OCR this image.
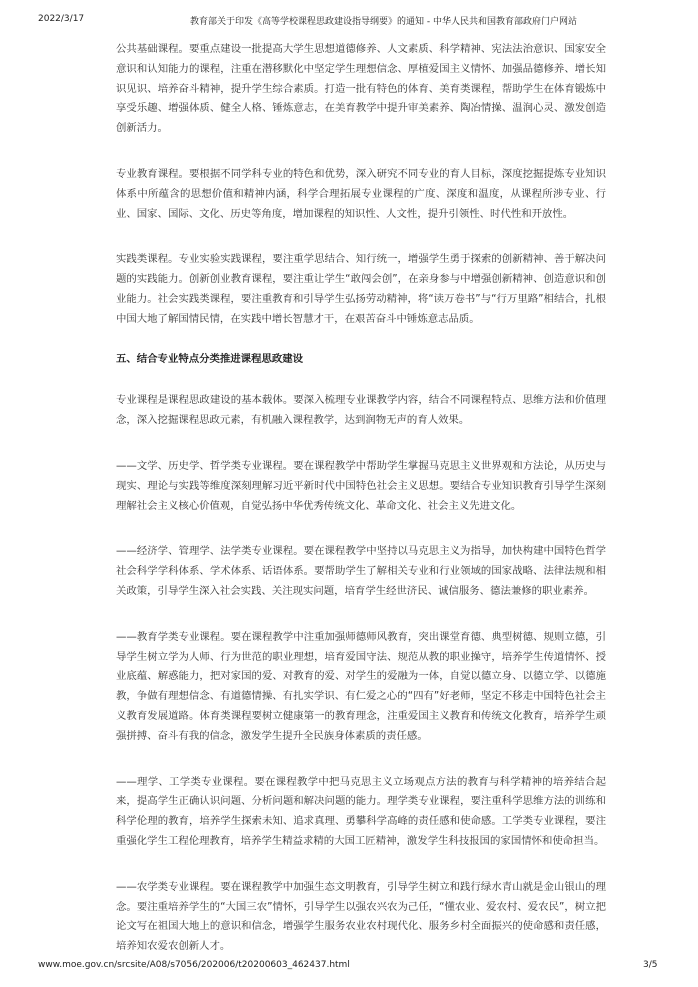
2022/3/17	教育部关于印发《高等学校课程思政建设指导纲要》的通知 - 中华人民共和国教育部政府门户网站

公共基础课程。要重点建设一批提高大学生思想道德修养、人文素质、科学精神、宪法法治意识、国家安全意识和认知能力的课程，注重在潜移默化中坚定学生理想信念、厚植爱国主义情怀、加强品德修养、增长知识见识、培养奋斗精神，提升学生综合素质。打造一批有特色的体育、美育类课程，帮助学生在体育锻炼中享受乐趣、增强体质、健全人格、锤炼意志，在美育教学中提升审美素养、陶冶情操、温润心灵、激发创造创新活力。

专业教育课程。要根据不同学科专业的特色和优势，深入研究不同专业的育人目标，深度挖掘提炼专业知识体系中所蕴含的思想价值和精神内涵，科学合理拓展专业课程的广度、深度和温度，从课程所涉专业、行业、国家、国际、文化、历史等角度，增加课程的知识性、人文性，提升引领性、时代性和开放性。

实践类课程。专业实验实践课程，要注重学思结合、知行统一，增强学生勇于探索的创新精神、善于解决问题的实践能力。创新创业教育课程，要注重让学生“敢闯会创”，在亲身参与中增强创新精神、创造意识和创业能力。社会实践类课程，要注重教育和引导学生弘扬劳动精神，将“读万卷书”与“行万里路”相结合，扎根中国大地了解国情民情，在实践中增长智慧才干，在艰苦奋斗中锤炼意志品质。

五、结合专业特点分类推进课程思政建设

专业课程是课程思政建设的基本载体。要深入梳理专业课教学内容，结合不同课程特点、思维方法和价值理念，深入挖掘课程思政元素，有机融入课程教学，达到润物无声的育人效果。

——文学、历史学、哲学类专业课程。要在课程教学中帮助学生掌握马克思主义世界观和方法论，从历史与现实、理论与实践等维度深刻理解习近平新时代中国特色社会主义思想。要结合专业知识教育引导学生深刻理解社会主义核心价值观，自觉弘扬中华优秀传统文化、革命文化、社会主义先进文化。

——经济学、管理学、法学类专业课程。要在课程教学中坚持以马克思主义为指导，加快构建中国特色哲学社会科学学科体系、学术体系、话语体系。要帮助学生了解相关专业和行业领域的国家战略、法律法规和相关政策，引导学生深入社会实践、关注现实问题，培育学生经世济民、诚信服务、德法兼修的职业素养。

——教育学类专业课程。要在课程教学中注重加强师德师风教育，突出课堂育德、典型树德、规则立德，引导学生树立学为人师、行为世范的职业理想，培育爱国守法、规范从教的职业操守，培养学生传道情怀、授业底蕴、解惑能力，把对家国的爱、对教育的爱、对学生的爱融为一体，自觉以德立身、以德立学、以德施教，争做有理想信念、有道德情操、有扎实学识、有仁爱之心的“四有”好老师，坚定不移走中国特色社会主义教育发展道路。体育类课程要树立健康第一的教育理念，注重爱国主义教育和传统文化教育，培养学生顽强拼搏、奋斗有我的信念，激发学生提升全民族身体素质的责任感。

——理学、工学类专业课程。要在课程教学中把马克思主义立场观点方法的教育与科学精神的培养结合起来，提高学生正确认识问题、分析问题和解决问题的能力。理学类专业课程，要注重科学思维方法的训练和科学伦理的教育，培养学生探索未知、追求真理、勇攀科学高峰的责任感和使命感。工学类专业课程，要注重强化学生工程伦理教育，培养学生精益求精的大国工匠精神，激发学生科技报国的家国情怀和使命担当。

——农学类专业课程。要在课程教学中加强生态文明教育，引导学生树立和践行绿水青山就是金山银山的理念。要注重培养学生的“大国三农”情怀，引导学生以强农兴农为己任，“懂农业、爱农村、爱农民”，树立把论文写在祖国大地上的意识和信念，增强学生服务农业农村现代化、服务乡村全面振兴的使命感和责任感，培养知农爱农创新人才。

www.moe.gov.cn/srcsite/A08/s7056/202006/t20200603_462437.html	3/5
